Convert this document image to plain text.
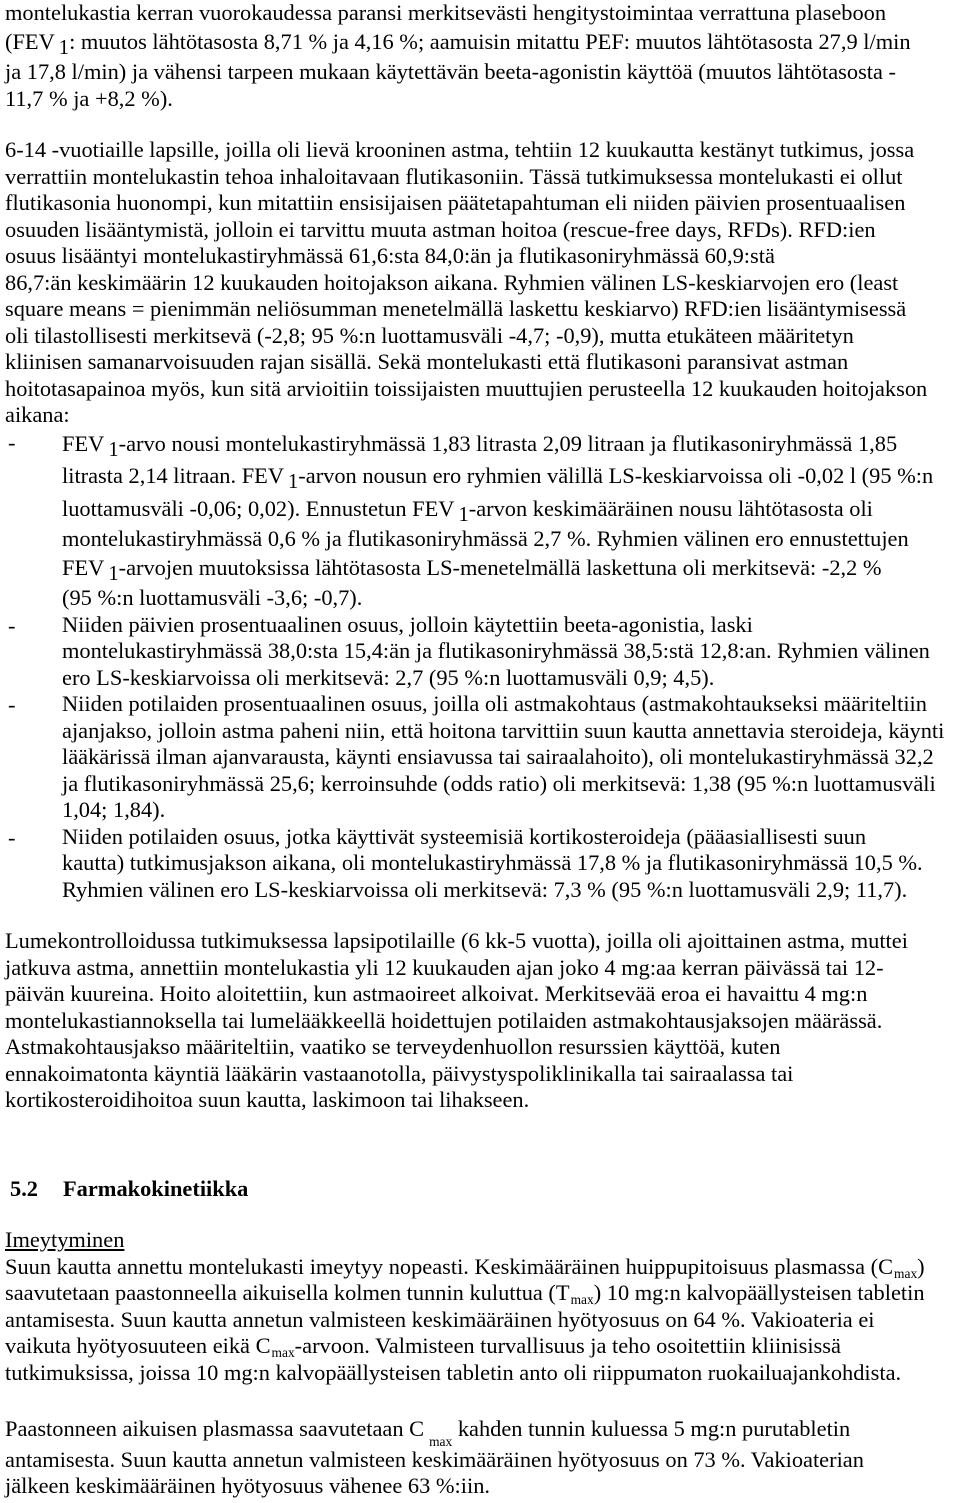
montelukastia kerran vuorokaudessa paransi merkitsevästi hengitystoimintaa verrattuna plaseboon
(FEV $_1$: muutos lähtötasosta 8,71 % ja 4,16 %; aamuisin mitattu PEF: muutos lähtötasosta 27,9 l/min
ja 17,8 l/min) ja vähensi tarpeen mukaan käytettävän beeta-agonistin käyttöä (muutos lähtötasosta -
11,7 % ja +8,2 %).
6-14 -vuotiaille lapsille, joilla oli lievä krooninen astma, tehtiin 12 kuukautta kestänyt tutkimus, jossa
verrattiin montelukastin tehoa inhaloitavaan flutikasoniin. Tässä tutkimuksessa montelukasti ei ollut
flutikasonia huonompi, kun mitattiin ensisijaisen päätetapahtuman eli niiden päivien prosentuaalisen
osuuden lisääntymistä, jolloin ei tarvittu muuta astman hoitoa (rescue-free days, RFDs). RFD:ien
osuus lisääntyi montelukastiryhmässä 61,6:sta 84,0:än ja flutikasoniryhmässä 60,9:stä
86,7:än keskimäärin 12 kuukauden hoitojakson aikana. Ryhmien välinen LS-keskiarvojen ero (least
square means = pienimmän neliösumman menetelmällä laskettu keskiarvo) RFD:ien lisääntymisessä
oli tilastollisesti merkitsevä (-2,8; 95 %:n luottamusväli -4,7; -0,9), mutta etukäteen määritetyn
kliinisen samanarvoisuuden rajan sisällä. Sekä montelukasti että flutikasoni paransivat astman
hoitotasapainoa myös, kun sitä arvioitiin toissijaisten muuttujien perusteella 12 kuukauden hoitojakson
aikana:
- FEV $_1$-arvo nousi montelukastiryhmässä 1,83 litrasta 2,09 litraan ja flutikasoniryhmässä 1,85
litrasta 2,14 litraan. FEV $_1$-arvon nousun ero ryhmien välillä LS-keskiarvoissa oli -0,02 l (95 %:n
luottamusväli -0,06; 0,02). Ennustetun FEV $_1$-arvon keskimääräinen nousu lähtötasosta oli
montelukastiryhmässä 0,6 % ja flutikasoniryhmässä 2,7 %. Ryhmien välinen ero ennustettujen
FEV $_1$-arvojen muutoksissa lähtötasosta LS-menetelmällä laskettuna oli merkitsevä: -2,2 %
(95 %:n luottamusväli -3,6; -0,7).
- Niiden päivien prosentuaalinen osuus, jolloin käytettiin beeta-agonistia, laski
montelukastiryhmässä 38,0:sta 15,4:än ja flutikasoniryhmässä 38,5:stä 12,8:an. Ryhmien välinen
ero LS-keskiarvoissa oli merkitsevä: 2,7 (95 %:n luottamusväli 0,9; 4,5).
- Niiden potilaiden prosentuaalinen osuus, joilla oli astmakohtaus (astmakohtaukseksi määriteltiin
ajanjakso, jolloin astma paheni niin, että hoitona tarvittiin suun kautta annettavia steroideja, käynti
lääkärissä ilman ajanvarausta, käynti ensiavussa tai sairaalahoito), oli montelukastiryhmässä 32,2
ja flutikasoniryhmässä 25,6; kerroinsuhde (odds ratio) oli merkitsevä: 1,38 (95 %:n luottamusväli
1,04; 1,84).
- Niiden potilaiden osuus, jotka käyttivät systeemisiä kortikosteroideja (pääasiallisesti suun
kautta) tutkimusjakson aikana, oli montelukastiryhmässä 17,8 % ja flutikasoniryhmässä 10,5 %.
Ryhmien välinen ero LS-keskiarvoissa oli merkitsevä: 7,3 % (95 %:n luottamusväli 2,9; 11,7).
Lumekontrolloidussa tutkimuksessa lapsipotilaille (6 kk-5 vuotta), joilla oli ajoittainen astma, muttei
jatkuva astma, annettiin montelukastia yli 12 kuukauden ajan joko 4 mg:aa kerran päivässä tai 12-
päivän kuureina. Hoito aloitettiin, kun astmaoireet alkoivat. Merkitsevää eroa ei havaittu 4 mg:n
montelukastiannoksella tai lumelääkkeellä hoidettujen potilaiden astmakohtausjaksojen määrässä.
Astmakohtausjakso määriteltiin, vaatiko se terveydenhuollon resurssien käyttöä, kuten
ennakoimatonta käyntiä lääkärin vastaanotolla, päivystyspoliklinikalla tai sairaalassa tai
kortikosteroidihoitoa suun kautta, laskimoon tai lihakseen.
5.2 Farmakokinetiikka
Imeytyminen
Suun kautta annettu montelukasti imeytyy nopeasti. Keskimääräinen huippupitoisuus plasmassa $(C_{max})$
saavutetaan paastonneella aikuisella kolmen tunnin kuluttua $(T_{max})$ 10 mg:n kalvopäällysteisen tabletin
antamisesta. Suun kautta annetun valmisteen keskimääräinen hyötyosuus on 64 %. Vakioateria ei
vaikuta hyötyosuuteen eikä $C_{max}$-arvoon. Valmisteen turvallisuus ja teho osoitettiin kliinisissä
tutkimuksissa, joissa 10 mg:n kalvopäällysteisen tabletin anto oli riippumaton ruokailuajankohdista.
Paastonneen aikuisen plasmassa saavutetaan $C_{max}$ kahden tunnin kuluessa 5 mg:n purutabletin
antamisesta. Suun kautta annetun valmisteen keskimääräinen hyötyosuus on 73 %. Vakioaterian
jälkeen keskimääräinen hyötyosuus vähenee 63 %:iin.
